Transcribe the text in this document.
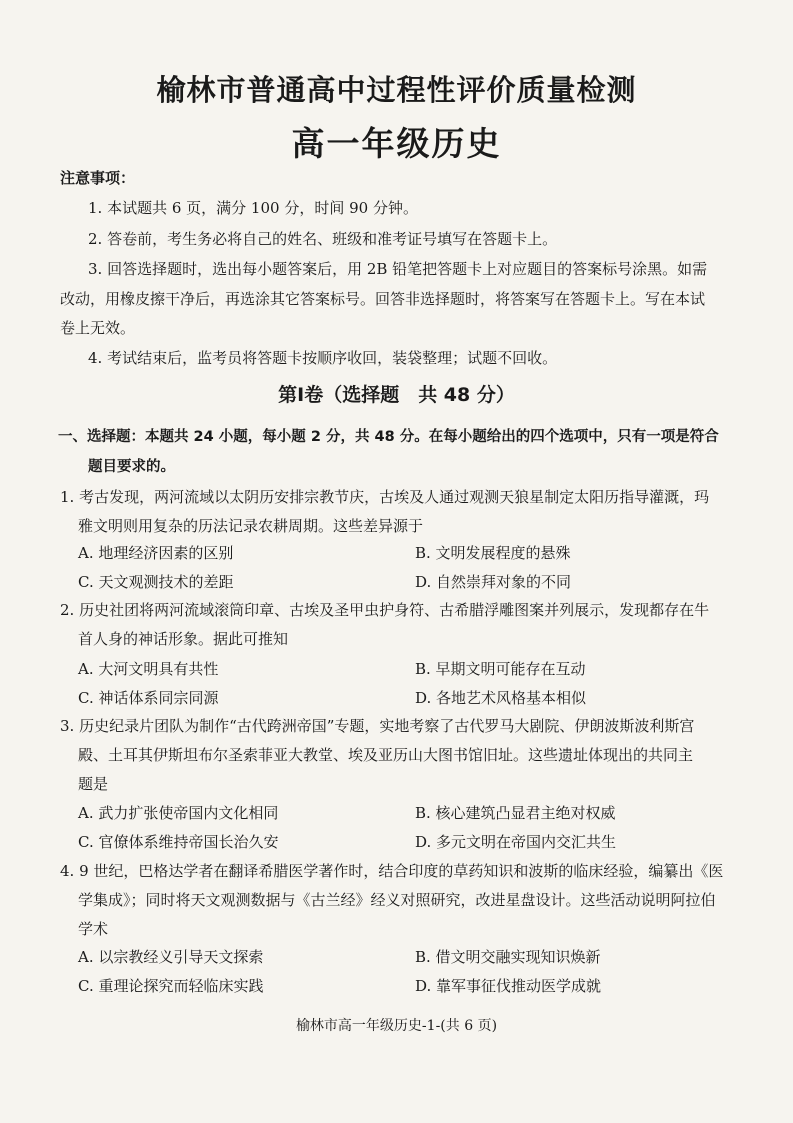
榆林市普通高中过程性评价质量检测
高一年级历史
注意事项：
1. 本试题共 6 页，满分 100 分，时间 90 分钟。
2. 答卷前，考生务必将自己的姓名、班级和准考证号填写在答题卡上。
3. 回答选择题时，选出每小题答案后，用 2B 铅笔把答题卡上对应题目的答案标号涂黑。如需
改动，用橡皮擦干净后，再选涂其它答案标号。回答非选择题时，将答案写在答题卡上。写在本试
卷上无效。
4. 考试结束后，监考员将答题卡按顺序收回，装袋整理；试题不回收。
第Ⅰ卷（选择题　共 48 分）
一、选择题：本题共 24 小题，每小题 2 分，共 48 分。在每小题给出的四个选项中，只有一项是符合
题目要求的。
1. 考古发现，两河流域以太阴历安排宗教节庆，古埃及人通过观测天狼星制定太阳历指导灌溉，玛
雅文明则用复杂的历法记录农耕周期。这些差异源于
A. 地理经济因素的区别	B. 文明发展程度的悬殊
C. 天文观测技术的差距	D. 自然崇拜对象的不同
2. 历史社团将两河流域滚筒印章、古埃及圣甲虫护身符、古希腊浮雕图案并列展示，发现都存在牛
首人身的神话形象。据此可推知
A. 大河文明具有共性	B. 早期文明可能存在互动
C. 神话体系同宗同源	D. 各地艺术风格基本相似
3. 历史纪录片团队为制作“古代跨洲帝国”专题，实地考察了古代罗马大剧院、伊朗波斯波利斯宫
殿、土耳其伊斯坦布尔圣索菲亚大教堂、埃及亚历山大图书馆旧址。这些遗址体现出的共同主
题是
A. 武力扩张使帝国内文化相同	B. 核心建筑凸显君主绝对权威
C. 官僚体系维持帝国长治久安	D. 多元文明在帝国内交汇共生
4. 9 世纪，巴格达学者在翻译希腊医学著作时，结合印度的草药知识和波斯的临床经验，编纂出《医
学集成》；同时将天文观测数据与《古兰经》经义对照研究，改进星盘设计。这些活动说明阿拉伯
学术
A. 以宗教经义引导天文探索	B. 借文明交融实现知识焕新
C. 重理论探究而轻临床实践	D. 靠军事征伐推动医学成就
榆林市高一年级历史-1-(共 6 页)
